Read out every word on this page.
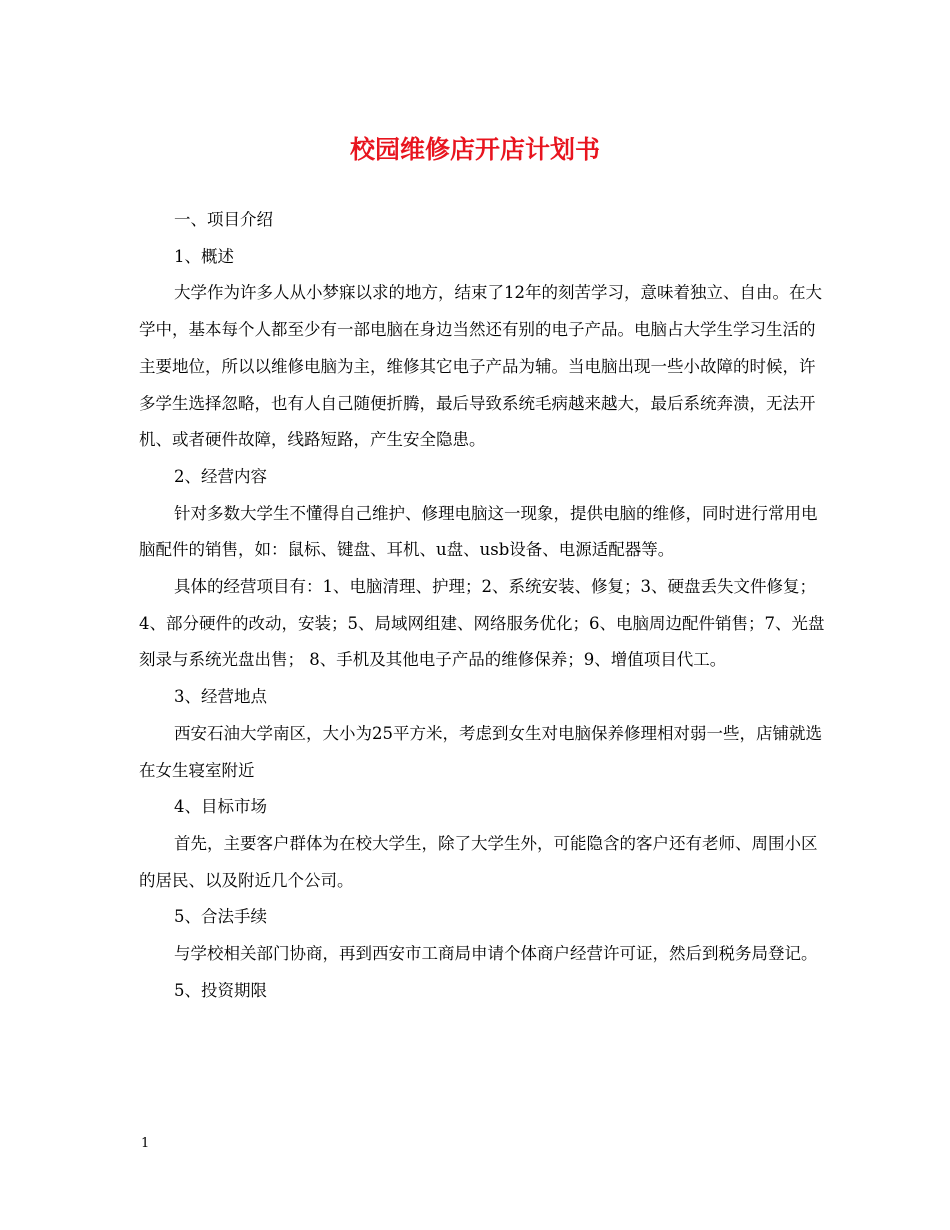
校园维修店开店计划书

一、项目介绍

1、概述

大学作为许多人从小梦寐以求的地方，结束了12年的刻苦学习，意味着独立、自由。在大学中，基本每个人都至少有一部电脑在身边当然还有别的电子产品。电脑占大学生学习生活的主要地位，所以以维修电脑为主，维修其它电子产品为辅。当电脑出现一些小故障的时候，许多学生选择忽略，也有人自己随便折腾，最后导致系统毛病越来越大，最后系统奔溃，无法开机、或者硬件故障，线路短路，产生安全隐患。

2、经营内容

针对多数大学生不懂得自己维护、修理电脑这一现象，提供电脑的维修，同时进行常用电脑配件的销售，如：鼠标、键盘、耳机、u盘、usb设备、电源适配器等。

具体的经营项目有：1、电脑清理、护理；2、系统安装、修复；3、硬盘丢失文件修复；4、部分硬件的改动，安装；5、局域网组建、网络服务优化；6、电脑周边配件销售；7、光盘刻录与系统光盘出售； 8、手机及其他电子产品的维修保养；9、增值项目代工。

3、经营地点

西安石油大学南区，大小为25平方米，考虑到女生对电脑保养修理相对弱一些，店铺就选在女生寝室附近

4、目标市场

首先，主要客户群体为在校大学生，除了大学生外，可能隐含的客户还有老师、周围小区的居民、以及附近几个公司。

5、合法手续

与学校相关部门协商，再到西安市工商局申请个体商户经营许可证，然后到税务局登记。

5、投资期限

1
